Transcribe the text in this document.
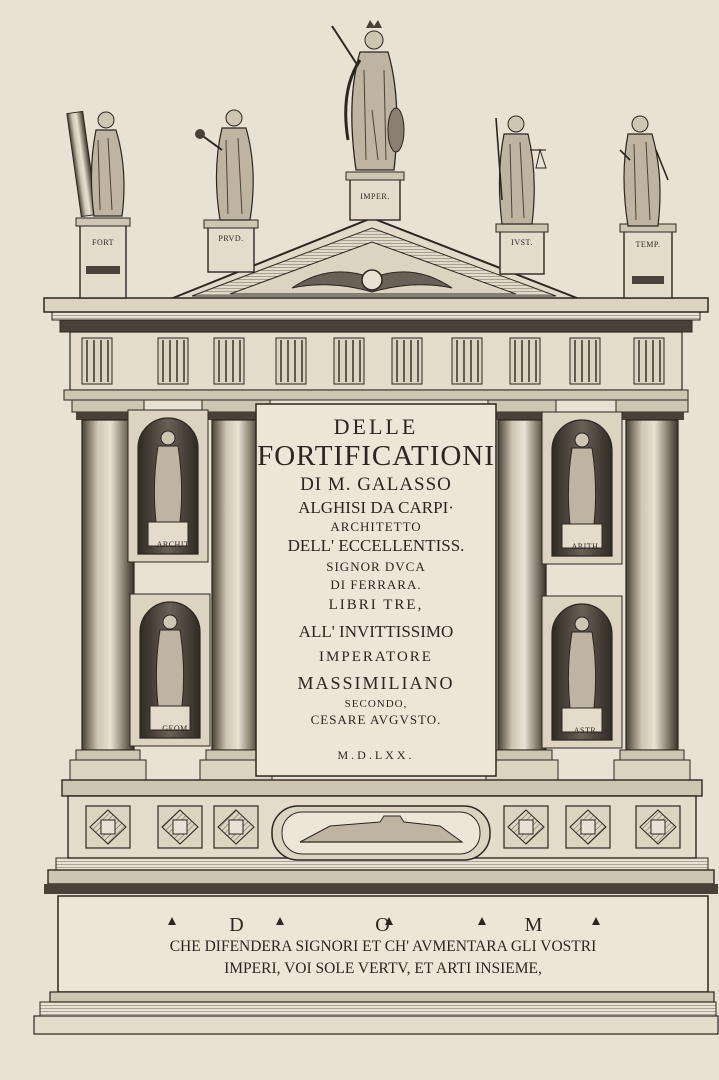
DELLE
FORTIFICATIONI
DI M. GALASSO
ALGHISI DA CARPI·
ARCHITETTO
DELL' ECCELLENTISS.
SIGNOR DVCA
DI FERRARA.
LIBRI TRE,
ALL' INVITTISSIMO
IMPERATORE
MASSIMILIANO
SECONDO,
CESARE AVGVSTO.
M.D.LXX.
FORT	PRVD.
IMPER.
IVST.	TEMP.
ARCHIT
GEOM
ARITH
ASTR
D	O	M
CHE DIFENDERA SIGNORI ET CH' AVMENTARA GLI VOSTRI
IMPERI, VOI SOLE VERTV, ET ARTI INSIEME,
